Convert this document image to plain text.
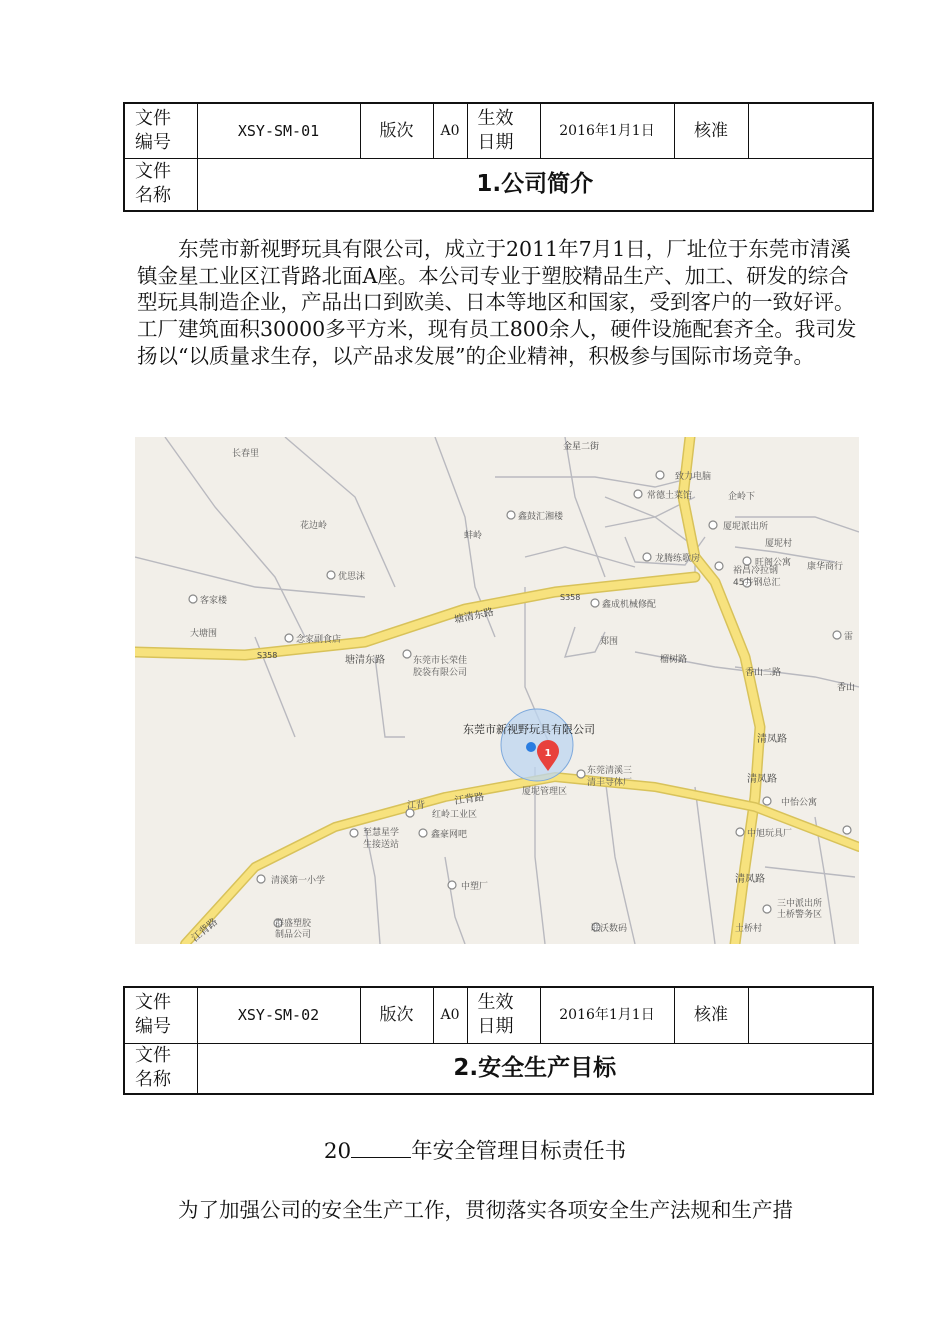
文件
编号	XSY-SM-01	版次	A0	生效
日期	2016年1月1日	核准	
文件
名称	1.公司简介						

东莞市新视野玩具有限公司，成立于2011年7月1日，厂址位于东莞市清溪镇金星工业区江背路北面A座。本公司专业于塑胶精品生产、加工、研发的综合型玩具制造企业，产品出口到欧美、日本等地区和国家，受到客户的一致好评。工厂建筑面积30000多平方米，现有员工800余人，硬件设施配套齐全。我司发扬以“以质量求生存，以产品求发展”的企业精神，积极参与国际市场竞争。

1
东莞市新视野玩具有限公司
塘清东路
塘清东路
S358
S358
江背路
江背路
清凤路
清凤路
清凤路
榴树路
香山二路
香山
金星二街
长春里
花边岭
优思沫
客家楼
大塘围
念家副食店
蚌岭
鑫鼓汇湘楼
鑫成机械修配
郑围
致力电脑
常德土菜馆	企岭下
厦坭派出所
厦坭村
龙腾练歌房	旺阁公寓 康华商行
裕昌冷拉钢
45井钢总汇
雷
东莞市长荣佳
胶袋有限公司
东莞清溪三
清丰导体厂
厦坭管理区
江背
红岭工业区
鑫豪网吧
至慧星学
生接送站
清溪第一小学
中塑厂
群盛塑胶
制品公司
联沃数码
中怡公寓
中旭玩具厂
三中派出所
土桥警务区
土桥村
文件
编号	XSY-SM-02	版次	A0	生效
日期	2016年1月1日	核准	
文件
名称	2.安全生产目标						

20	年安全管理目标责任书

为了加强公司的安全生产工作，贯彻落实各项安全生产法规和生产措
